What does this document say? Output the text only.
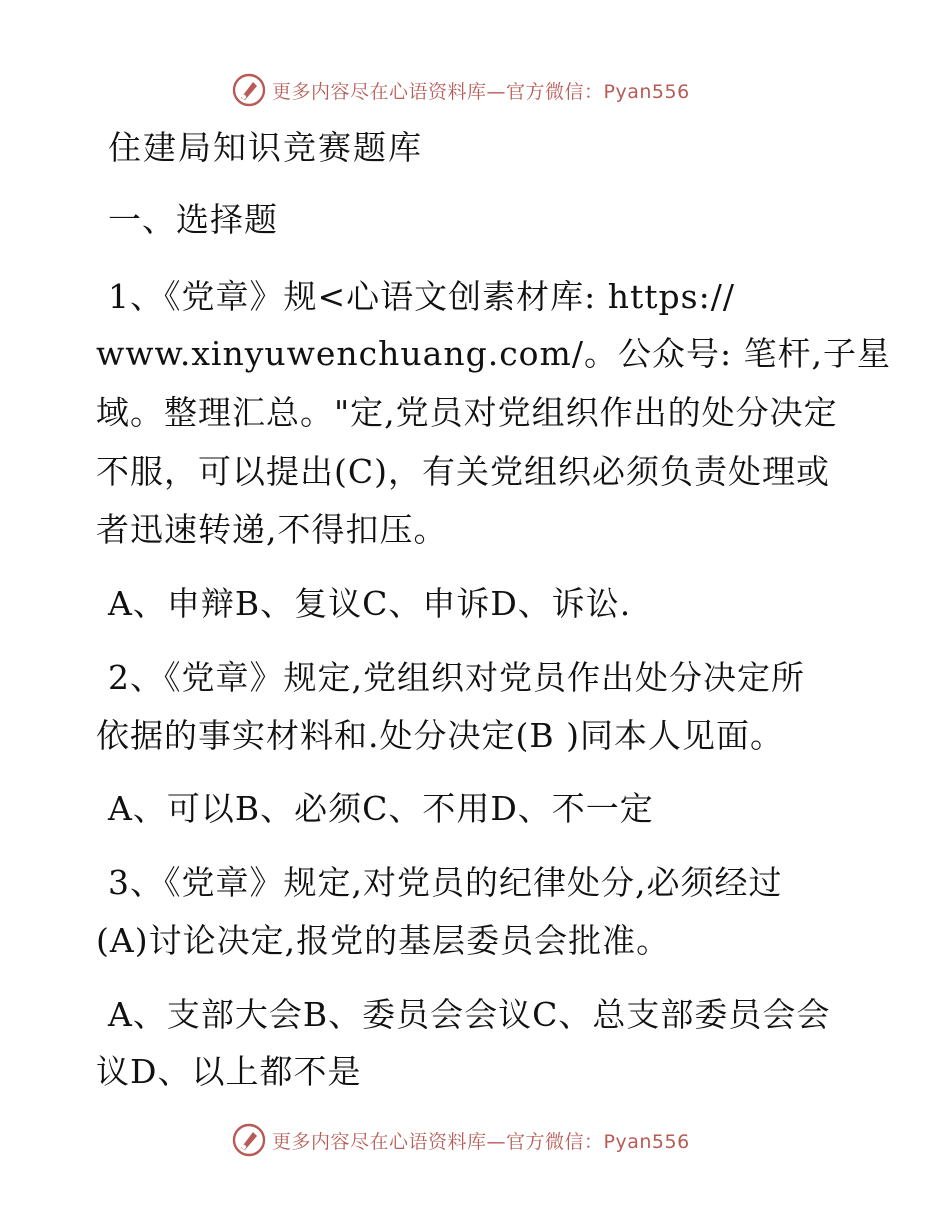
更多内容尽在心语资料库—官方微信：Pyan556
住建局知识竞赛题库
一、选择题
1、《党章》规<心语文创素材库: https://
www.xinyuwenchuang.com/。公众号: 笔杆,子星
域。整理汇总。"定,党员对党组织作出的处分决定
不服，可以提出(C)，有关党组织必须负责处理或
者迅速转递,不得扣压。
A、申辩B、复议C、申诉D、诉讼.
2、《党章》规定,党组织对党员作出处分决定所
依据的事实材料和.处分决定(B )同本人见面。
A、可以B、必须C、不用D、不一定
3、《党章》规定,对党员的纪律处分,必须经过
(A)讨论决定,报党的基层委员会批准。
A、支部大会B、委员会会议C、总支部委员会会
议D、以上都不是
更多内容尽在心语资料库—官方微信：Pyan556
